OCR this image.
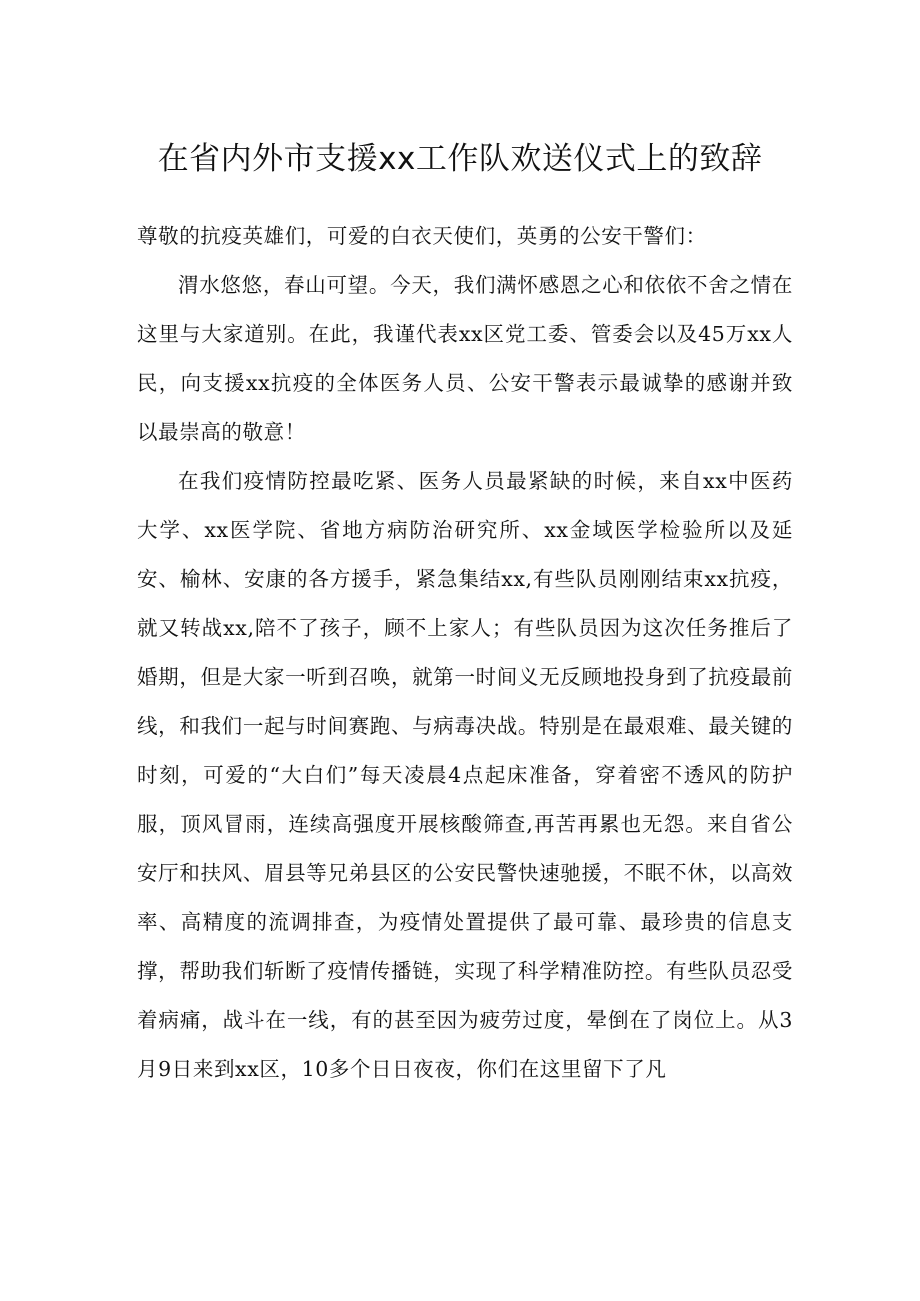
在省内外市支援xx工作队欢送仪式上的致辞

尊敬的抗疫英雄们，可爱的白衣天使们，英勇的公安干警们：

渭水悠悠，春山可望。今天，我们满怀感恩之心和依依不舍之情在这里与大家道别。在此，我谨代表xx区党工委、管委会以及45万xx人民，向支援xx抗疫的全体医务人员、公安干警表示最诚挚的感谢并致以最崇高的敬意！

在我们疫情防控最吃紧、医务人员最紧缺的时候，来自xx中医药大学、xx医学院、省地方病防治研究所、xx金域医学检验所以及延安、榆林、安康的各方援手，紧急集结xx,有些队员刚刚结束xx抗疫，就又转战xx,陪不了孩子，顾不上家人；有些队员因为这次任务推后了婚期，但是大家一听到召唤，就第一时间义无反顾地投身到了抗疫最前线，和我们一起与时间赛跑、与病毒决战。特别是在最艰难、最关键的时刻，可爱的“大白们”每天凌晨4点起床准备，穿着密不透风的防护服，顶风冒雨，连续高强度开展核酸筛查,再苦再累也无怨。来自省公安厅和扶风、眉县等兄弟县区的公安民警快速驰援，不眠不休，以高效率、高精度的流调排查，为疫情处置提供了最可靠、最珍贵的信息支撑，帮助我们斩断了疫情传播链，实现了科学精准防控。有些队员忍受着病痛，战斗在一线，有的甚至因为疲劳过度，晕倒在了岗位上。从3月9日来到xx区，10多个日日夜夜，你们在这里留下了凡
